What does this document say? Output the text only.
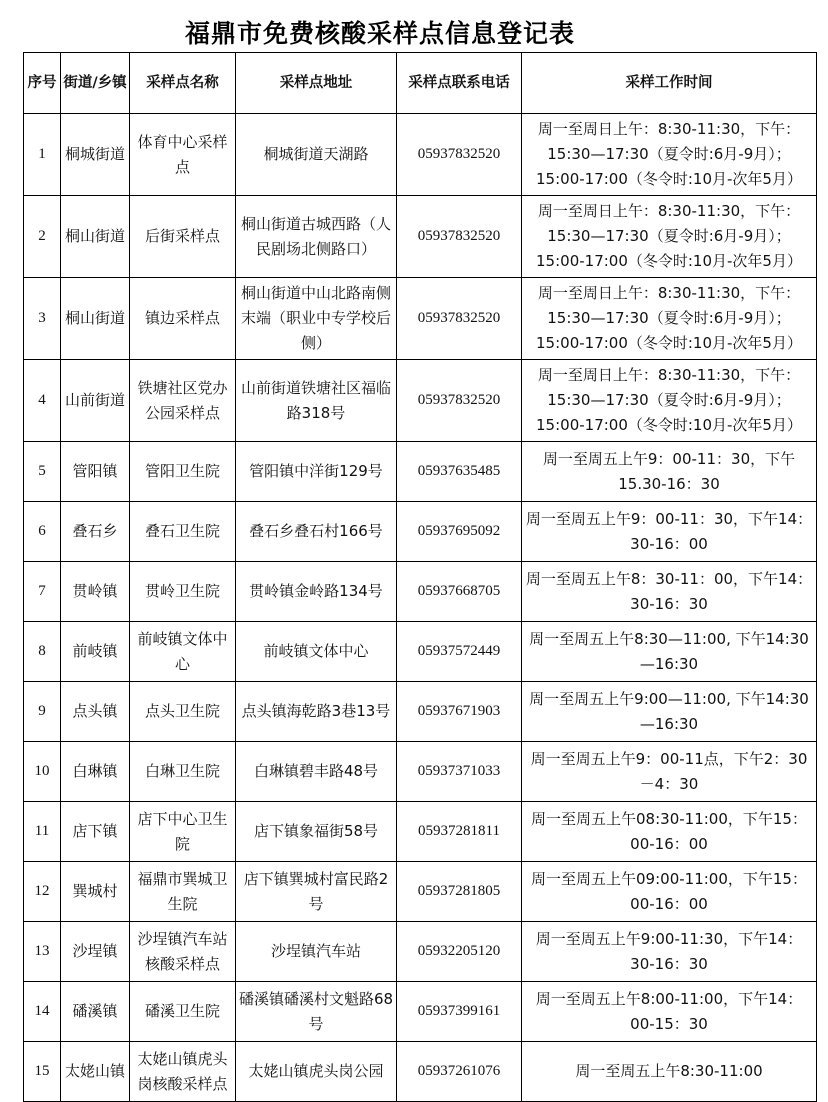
福鼎市免费核酸采样点信息登记表
序号	街道/乡镇	采样点名称	采样点地址	采样点联系电话	采样工作时间
1	桐城街道	体育中心采样点	桐城街道天湖路	05937832520	周一至周日上午：8:30-11:30，下午：15:30—17:30（夏令时:6月-9月）；15:00-17:00（冬令时:10月-次年5月）
2	桐山街道	后街采样点	桐山街道古城西路（人民剧场北侧路口）	05937832520	周一至周日上午：8:30-11:30，下午：15:30—17:30（夏令时:6月-9月）；15:00-17:00（冬令时:10月-次年5月）
3	桐山街道	镇边采样点	桐山街道中山北路南侧末端（职业中专学校后侧）	05937832520	周一至周日上午：8:30-11:30，下午：15:30—17:30（夏令时:6月-9月）；15:00-17:00（冬令时:10月-次年5月）
4	山前街道	铁塘社区党办公园采样点	山前街道铁塘社区福临路318号	05937832520	周一至周日上午：8:30-11:30，下午：15:30—17:30（夏令时:6月-9月）；15:00-17:00（冬令时:10月-次年5月）
5	管阳镇	管阳卫生院	管阳镇中洋街129号	05937635485	周一至周五上午9：00-11：30，下午15.30-16：30
6	叠石乡	叠石卫生院	叠石乡叠石村166号	05937695092	周一至周五上午9：00-11：30，下午14：30-16：00
7	贯岭镇	贯岭卫生院	贯岭镇金岭路134号	05937668705	周一至周五上午8：30-11：00，下午14：30-16：30
8	前岐镇	前岐镇文体中心	前岐镇文体中心	05937572449	周一至周五上午8:30—11:00, 下午14:30—16:30
9	点头镇	点头卫生院	点头镇海乾路3巷13号	05937671903	周一至周五上午9:00—11:00, 下午14:30—16:30
10	白琳镇	白琳卫生院	白琳镇碧丰路48号	05937371033	周一至周五上午9：00-11点，下午2：30－4：30
11	店下镇	店下中心卫生院	店下镇象福街58号	05937281811	周一至周五上午08:30-11:00，下午15：00-16：00
12	巽城村	福鼎市巽城卫生院	店下镇巽城村富民路2号	05937281805	周一至周五上午09:00-11:00，下午15：00-16：00
13	沙埕镇	沙埕镇汽车站核酸采样点	沙埕镇汽车站	05932205120	周一至周五上午9:00-11:30，下午14：30-16：30
14	磻溪镇	磻溪卫生院	磻溪镇磻溪村文魁路68号	05937399161	周一至周五上午8:00-11:00，下午14：00-15：30
15	太姥山镇	太姥山镇虎头岗核酸采样点	太姥山镇虎头岗公园	05937261076	周一至周五上午8:30-11:00
